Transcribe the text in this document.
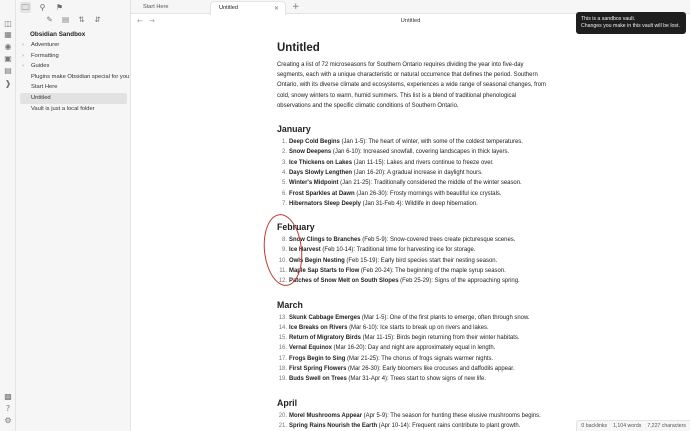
◫
▦
◉
▣
▤
❱
▩
?
⚙
🗀	⚲	⚑
✎ ▤ ⇅ ⇵
Obsidian Sandbox
› Adventurer
› Formatting
› Guides
Plugins make Obsidian special for you
Start Here
Untitled
Vault is just a local folder
Start Here	Untitled	✕ +
← →	Untitled	This is a sandbox vault.
Changes you make in this vault will be lost.
Untitled

Creating a list of 72 microseasons for Southern Ontario requires dividing the year into five-day segments, each with a unique characteristic or natural occurrence that defines the period. Southern Ontario, with its diverse climate and ecosystems, experiences a wide range of seasonal changes, from cold, snowy winters to warm, humid summers. This list is a blend of traditional phenological observations and the specific climatic conditions of Southern Ontario.

January
1. Deep Cold Begins (Jan 1-5): The heart of winter, with some of the coldest temperatures.
2. Snow Deepens (Jan 6-10): Increased snowfall, covering landscapes in thick layers.
3. Ice Thickens on Lakes (Jan 11-15): Lakes and rivers continue to freeze over.
4. Days Slowly Lengthen (Jan 16-20): A gradual increase in daylight hours.
5. Winter's Midpoint (Jan 21-25): Traditionally considered the middle of the winter season.
6. Frost Sparkles at Dawn (Jan 26-30): Frosty mornings with beautiful ice crystals.
7. Hibernators Sleep Deeply (Jan 31-Feb 4): Wildlife in deep hibernation.
February
8. Snow Clings to Branches (Feb 5-9): Snow-covered trees create picturesque scenes.
9. Ice Harvest (Feb 10-14): Traditional time for harvesting ice for storage.
10. Owls Begin Nesting (Feb 15-19): Early bird species start their nesting season.
11. Maple Sap Starts to Flow (Feb 20-24): The beginning of the maple syrup season.
12. Patches of Snow Melt on South Slopes (Feb 25-29): Signs of the approaching spring.
March
13. Skunk Cabbage Emerges (Mar 1-5): One of the first plants to emerge, often through snow.
14. Ice Breaks on Rivers (Mar 6-10): Ice starts to break up on rivers and lakes.
15. Return of Migratory Birds (Mar 11-15): Birds begin returning from their winter habitats.
16. Vernal Equinox (Mar 16-20): Day and night are approximately equal in length.
17. Frogs Begin to Sing (Mar 21-25): The chorus of frogs signals warmer nights.
18. First Spring Flowers (Mar 26-30): Early bloomers like crocuses and daffodils appear.
19. Buds Swell on Trees (Mar 31-Apr 4): Trees start to show signs of new life.
April
20. Morel Mushrooms Appear (Apr 5-9): The season for hunting these elusive mushrooms begins.
21. Spring Rains Nourish the Earth (Apr 10-14): Frequent rains contribute to plant growth.	0 backlinks 1,104 words 7,227 characters
